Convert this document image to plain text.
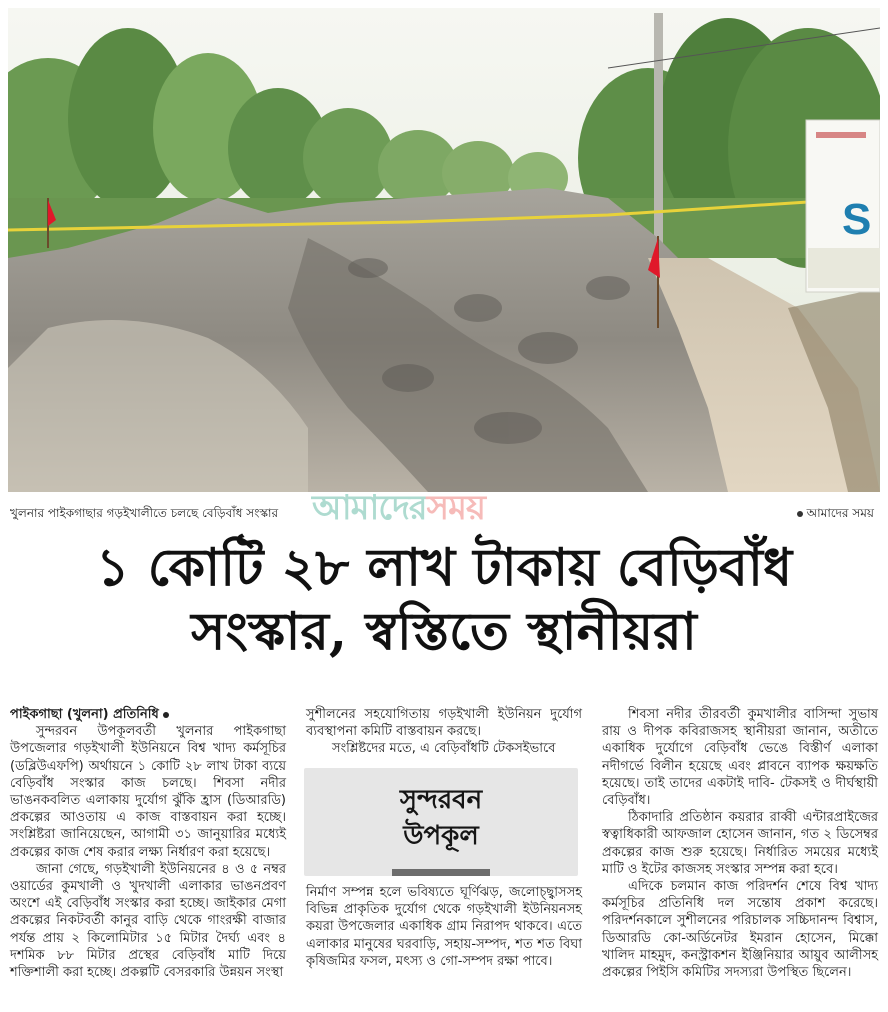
S
আমাদেরসময়
খুলনার পাইকগাছার গড়ইখালীতে চলছে বেড়িবাঁধ সংস্কার	আমাদের সময়
১ কোটি ২৮ লাখ টাকায় বেড়িবাঁধ
সংস্কার, স্বস্তিতে স্থানীয়রা

পাইকগাছা (খুলনা) প্রতিনিধি

সুন্দরবন উপকূলবর্তী খুলনার পাইকগাছা উপজেলার গড়ইখালী ইউনিয়নে বিশ্ব খাদ্য কর্মসূচির (ডব্লিউএফপি) অর্থায়নে ১ কোটি ২৮ লাখ টাকা ব্যয়ে বেড়িবাঁধ সংস্কার কাজ চলছে। শিবসা নদীর ভাঙনকবলিত এলাকায় দুর্যোগ ঝুঁকি হ্রাস (ডিআরডি) প্রকল্পের আওতায় এ কাজ বাস্তবায়ন করা হচ্ছে। সংশ্লিষ্টরা জানিয়েছেন, আগামী ৩১ জানুয়ারির মধ্যেই প্রকল্পের কাজ শেষ করার লক্ষ্য নির্ধারণ করা হয়েছে।

জানা গেছে, গড়ইখালী ইউনিয়নের ৪ ও ৫ নম্বর ওয়ার্ডের কুমখালী ও খুদখালী এলাকার ভাঙনপ্রবণ অংশে এই বেড়িবাঁধ সংস্কার করা হচ্ছে। জাইকার মেগা প্রকল্পের নিকটবর্তী কানুর বাড়ি থেকে গাংরক্ষী বাজার পর্যন্ত প্রায় ২ কিলোমিটার ১৫ মিটার দৈর্ঘ্য এবং ৪ দশমিক ৮৮ মিটার প্রস্থের বেড়িবাঁধ মাটি দিয়ে শক্তিশালী করা হচ্ছে। প্রকল্পটি বেসরকারি উন্নয়ন সংস্থা

সুশীলনের সহযোগিতায় গড়ইখালী ইউনিয়ন দুর্যোগ ব্যবস্থাপনা কমিটি বাস্তবায়ন করছে।

সংশ্লিষ্টদের মতে, এ বেড়িবাঁধটি টেকসইভাবে

সুন্দরবন
উপকূল

নির্মাণ সম্পন্ন হলে ভবিষ্যতে ঘূর্ণিঝড়, জলোচ্ছ্বাসসহ বিভিন্ন প্রাকৃতিক দুর্যোগ থেকে গড়ইখালী ইউনিয়নসহ কয়রা উপজেলার একাধিক গ্রাম নিরাপদ থাকবে। এতে এলাকার মানুষের ঘরবাড়ি, সহায়-সম্পদ, শত শত বিঘা কৃষিজমির ফসল, মৎস্য ও গো-সম্পদ রক্ষা পাবে।

শিবসা নদীর তীরবর্তী কুমখালীর বাসিন্দা সুভাষ রায় ও দীপক কবিরাজসহ স্থানীয়রা জানান, অতীতে একাধিক দুর্যোগে বেড়িবাঁধ ভেঙে বিস্তীর্ণ এলাকা নদীগর্ভে বিলীন হয়েছে এবং প্লাবনে ব্যাপক ক্ষয়ক্ষতি হয়েছে। তাই তাদের একটাই দাবি- টেকসই ও দীর্ঘস্থায়ী বেড়িবাঁধ।

ঠিকাদারি প্রতিষ্ঠান কয়রার রাব্বী এন্টারপ্রাইজের স্বত্বাধিকারী আফজাল হোসেন জানান, গত ২ ডিসেম্বর প্রকল্পের কাজ শুরু হয়েছে। নির্ধারিত সময়ের মধ্যেই মাটি ও ইটের কাজসহ সংস্কার সম্পন্ন করা হবে।

এদিকে চলমান কাজ পরিদর্শন শেষে বিশ্ব খাদ্য কর্মসূচির প্রতিনিধি দল সন্তোষ প্রকাশ করেছে। পরিদর্শনকালে সুশীলনের পরিচালক সচ্চিদানন্দ বিশ্বাস, ডিআরডি কো-অর্ডিনেটর ইমরান হোসেন, মিক্কো খালিদ মাহমুদ, কনস্ট্রাকশন ইঞ্জিনিয়ার আয়ুব আলীসহ প্রকল্পের পিইসি কমিটির সদস্যরা উপস্থিত ছিলেন।
